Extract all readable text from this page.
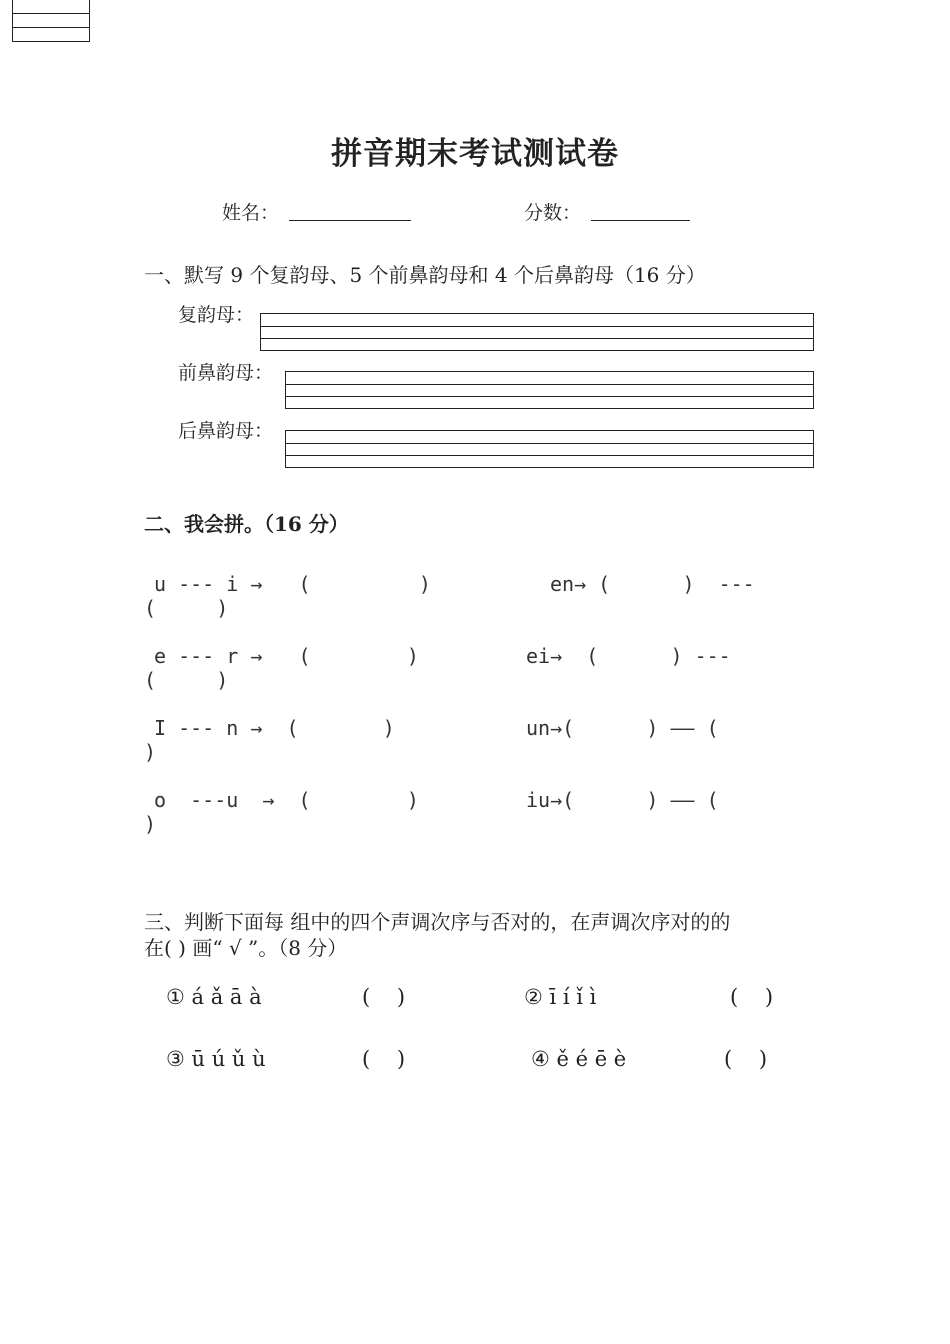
拼音期末考试测试卷
姓名：	分数：
一、默写 9 个复韵母、5 个前鼻韵母和 4 个后鼻韵母（16 分）
复韵母：
前鼻韵母：
后鼻韵母：
二、我会拼。（16 分）
u --- i →   (         )	en→ (      )  ---
(     )
e --- r →   (        )	ei→  (      ) ---
(     )
I --- n →  (       )	un→(      ) —— (
)
o  ---u  →  (        )	iu→(      ) —— (
)
三、判断下面每 组中的四个声调次序与否对的，在声调次序对的的
在( ) 画“ √ ”。（8 分）
① á ǎ ā à	(    )	② ī í ǐ ì	(    )
③ ū ú ǔ ù	(    )	④ ě é ē è	(    )
